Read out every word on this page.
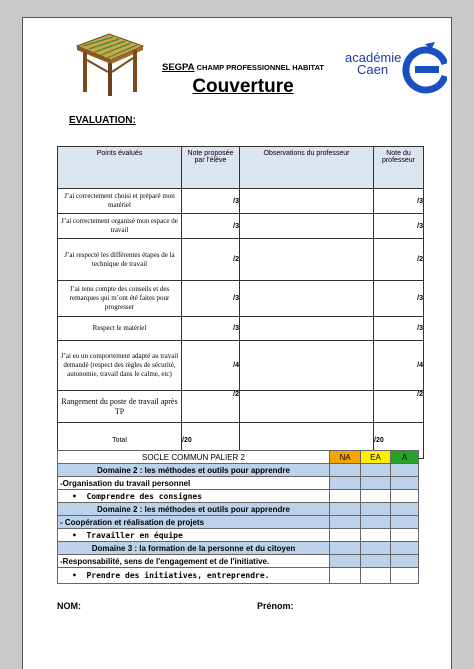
SEGPA CHAMP PROFESSIONNEL HABITAT
Couverture
académie
Caen
EVALUATION:
Points évalués	Note proposée par l’élève	Observations du professeur	Note du professeur
J’ai correctement choisi et préparé mon matériel	/3		/3
J’ai correctement organisé mon espace de travail	/3		/3
J’ai respecté les différentes étapes de la technique de travail	/2		/2
J’ai tenu compte des conseils et des remarques qui m’ont été faites pour progresser	/3		/3
Respect le matériel	/3		/3
J’ai eu un comportement adapté au travail demandé (respect des règles de sécurité, autonomie, travail dans le calme, etc)	/4		/4
Rangement du poste de travail après TP	/2		/2
Total	/20		/20
SOCLE COMMUN PALIER 2	NA	EA	A
Domaine 2 : les méthodes et outils pour apprendre			
-Organisation du travail personnel			
• Comprendre des consignes			
Domaine 2 : les méthodes et outils pour apprendre			
- Coopération et réalisation de projets			
• Travailler en équipe			
Domaine 3 : la formation de la personne et du citoyen			
-Responsabilité, sens de l'engagement et de l'initiative.			
• Prendre des initiatives, entreprendre.			
NOM:	Prénom:
